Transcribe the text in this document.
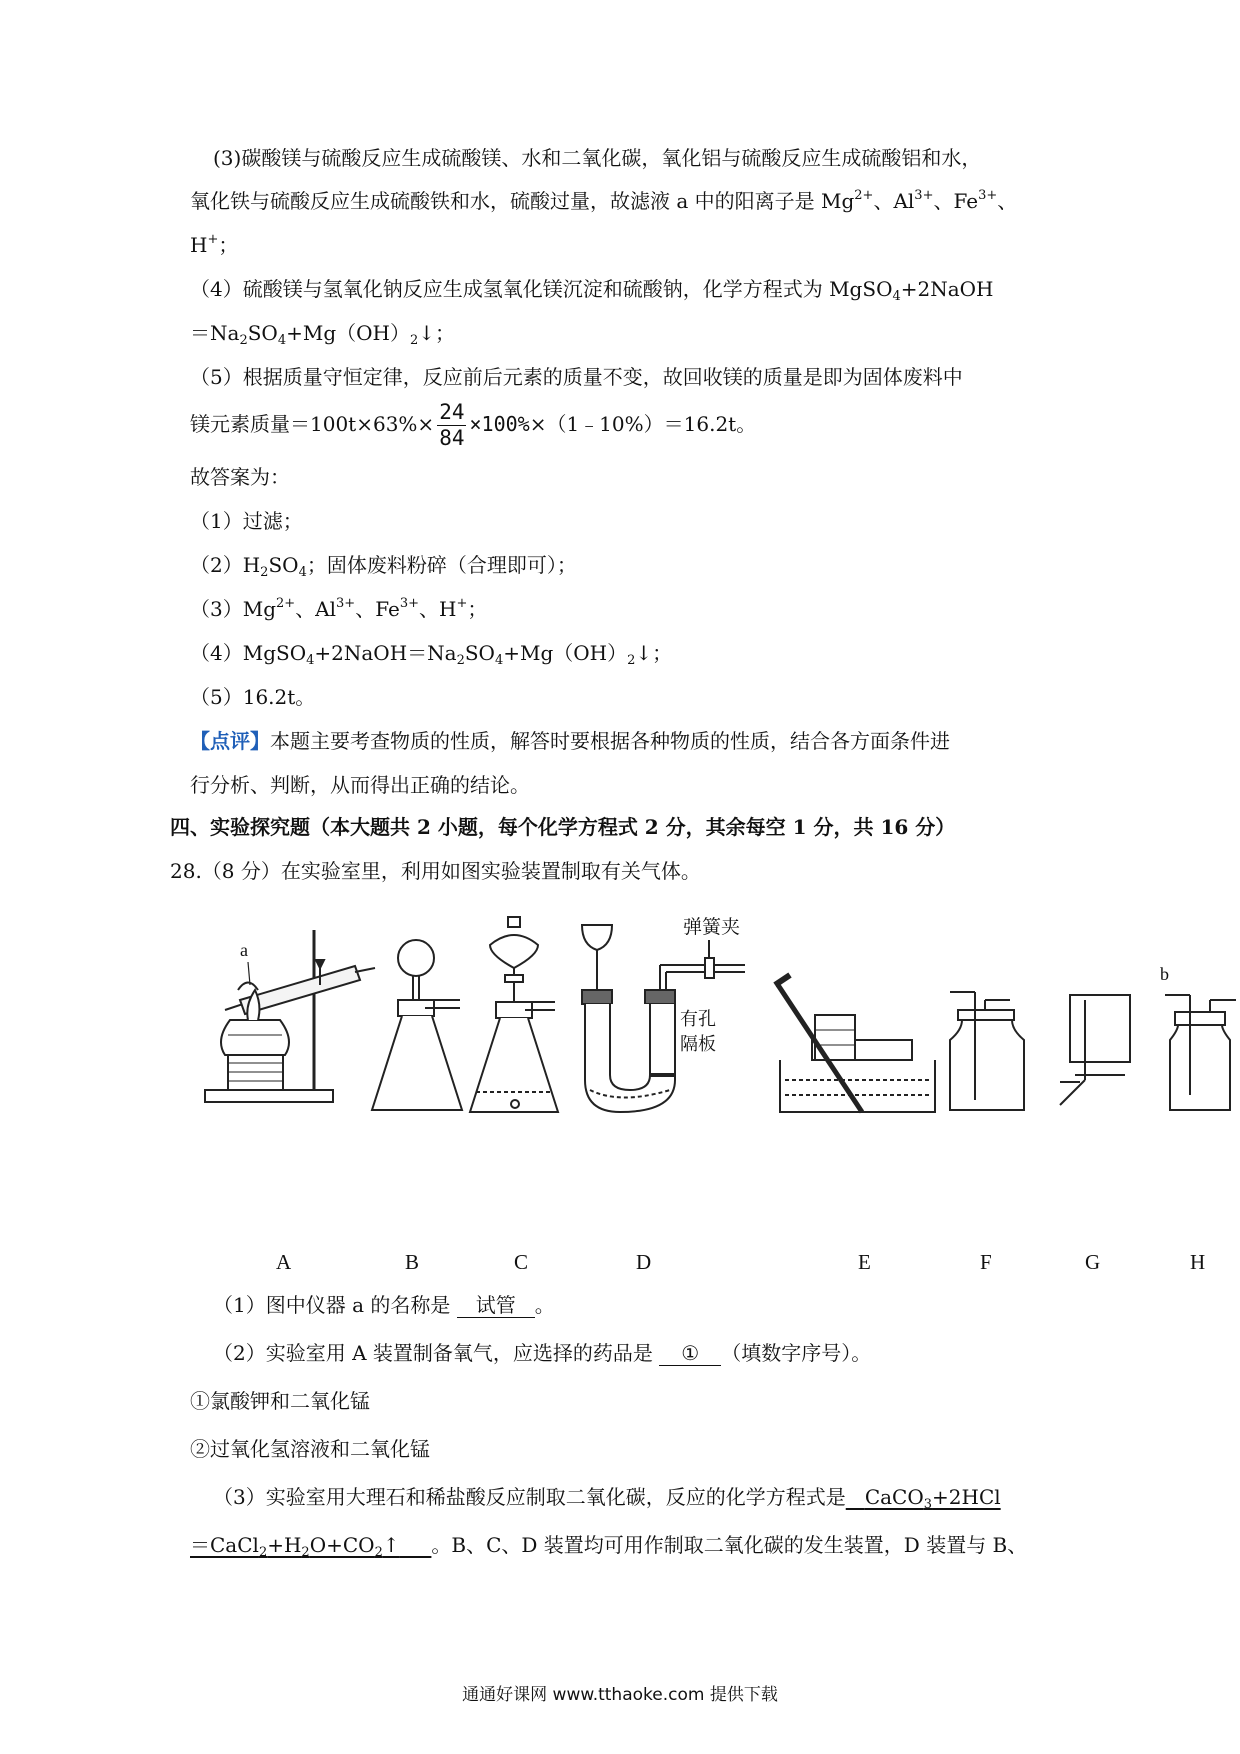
(3)碳酸镁与硫酸反应生成硫酸镁、水和二氧化碳，氧化铝与硫酸反应生成硫酸铝和水，
氧化铁与硫酸反应生成硫酸铁和水，硫酸过量，故滤液 a 中的阳离子是 $Mg^{2+}$、$Al^{3+}$、$Fe^{3+}$、
H+；
（4）硫酸镁与氢氧化钠反应生成氢氧化镁沉淀和硫酸钠，化学方程式为 MgSO$_4$+2NaOH
$=Na_2SO_4+Mg(OH)_2↓$；
（5）根据质量守恒定律，反应前后元素的质量不变，故回收镁的质量是即为固体废料中
镁元素质量$=100t\times 63\%\times \frac{24}{84}$ ×100%×（1﹣10%）＝16.2t。
故答案为：
（1）过滤；
$(2)H_2SO_4$；固体废料粉碎（合理即可）；
$(3)Mg^{2+}$、$Al^{3+}$、$Fe^{3+}$、H+；
$(4)MgSO_4+2NaOH=Na_2SO_4+Mg(OH)_2↓$；
（5）16.2t。
【点评】本题主要考查物质的性质，解答时要根据各种物质的性质，结合各方面条件进
行分析、判断，从而得出正确的结论。
四、实验探究题（本大题共 2 小题，每个化学方程式 2 分，其余每空 1 分，共 16 分）
28.（8 分）在实验室里，利用如图实验装置制取有关气体。
a
有孔
隔板
弹簧夹
b
A	B	C	D	E	F	G	H
（1）图中仪器 a 的名称是 试管 。
（2）实验室用 A 装置制备氧气，应选择的药品是 ① （填数字序号）。
①氯酸钾和二氧化锰
②过氧化氢溶液和二氧化锰
（3）实验室用大理石和稀盐酸反应制取二氧化碳，反应的化学方程式是 CaCO$_3$+2HCl
$=CaCl_2+H_2O+CO_2↑$ 。B、C、D 装置均可用作制取二氧化碳的发生装置，D 装置与 B、
通通好课网 www.tthaoke.com 提供下载
